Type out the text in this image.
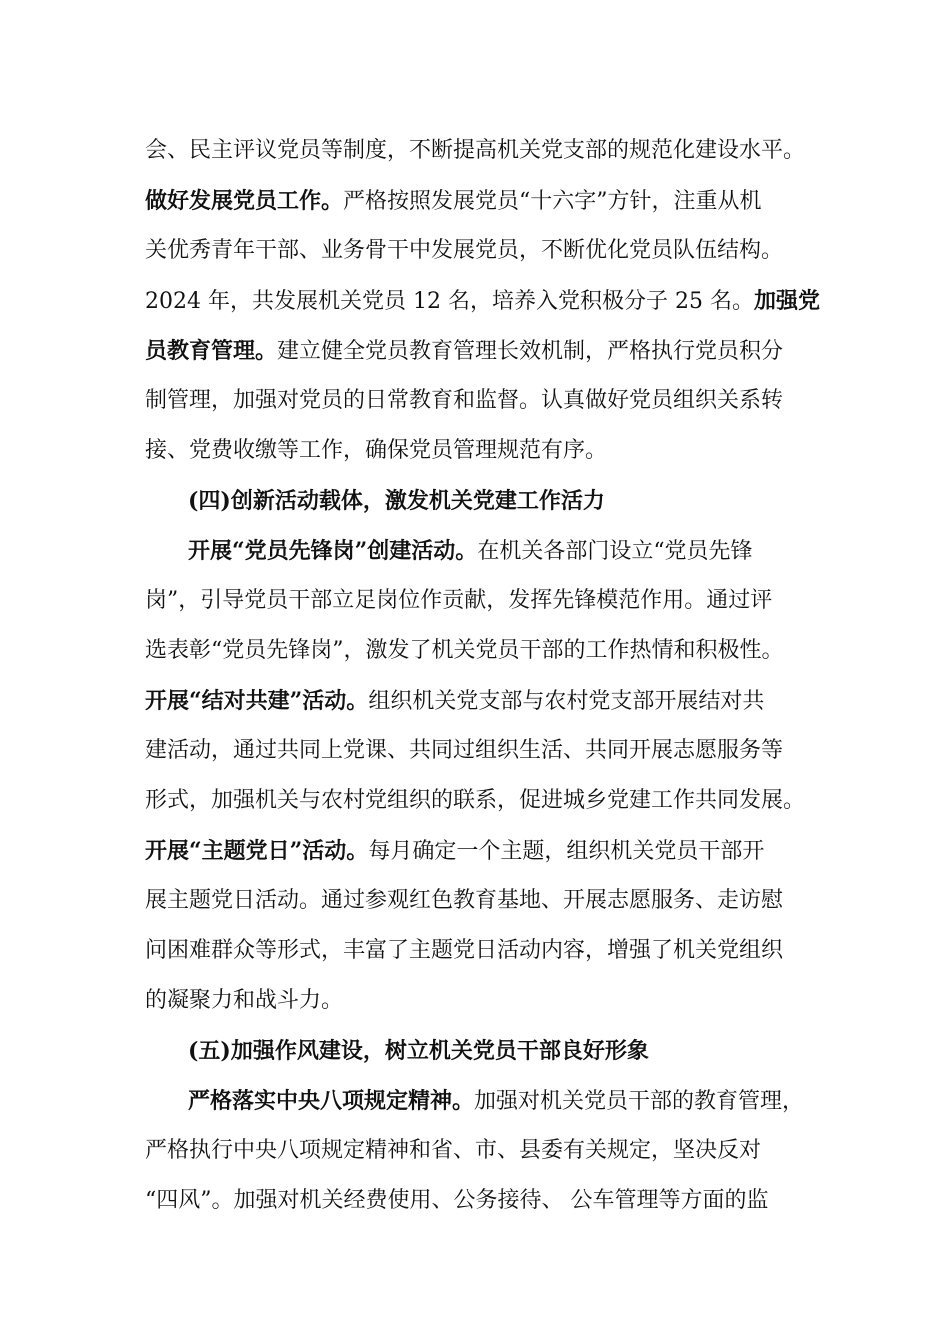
会、民主评议党员等制度，不断提高机关党支部的规范化建设水平。
做好发展党员工作。严格按照发展党员“十六字”方针，注重从机
关优秀青年干部、业务骨干中发展党员，不断优化党员队伍结构。
2024 年，共发展机关党员 12 名，培养入党积极分子 25 名。加强党
员教育管理。建立健全党员教育管理长效机制，严格执行党员积分
制管理，加强对党员的日常教育和监督。认真做好党员组织关系转
接、党费收缴等工作，确保党员管理规范有序。
(四)创新活动载体，激发机关党建工作活力
开展“党员先锋岗”创建活动。在机关各部门设立“党员先锋
岗”，引导党员干部立足岗位作贡献，发挥先锋模范作用。通过评
选表彰“党员先锋岗”，激发了机关党员干部的工作热情和积极性。
开展“结对共建”活动。组织机关党支部与农村党支部开展结对共
建活动，通过共同上党课、共同过组织生活、共同开展志愿服务等
形式，加强机关与农村党组织的联系，促进城乡党建工作共同发展。
开展“主题党日”活动。每月确定一个主题，组织机关党员干部开
展主题党日活动。通过参观红色教育基地、开展志愿服务、走访慰
问困难群众等形式，丰富了主题党日活动内容，增强了机关党组织
的凝聚力和战斗力。
(五)加强作风建设，树立机关党员干部良好形象
严格落实中央八项规定精神。加强对机关党员干部的教育管理，
严格执行中央八项规定精神和省、市、县委有关规定，坚决反对
“四风”。加强对机关经费使用、公务接待、 公车管理等方面的监
